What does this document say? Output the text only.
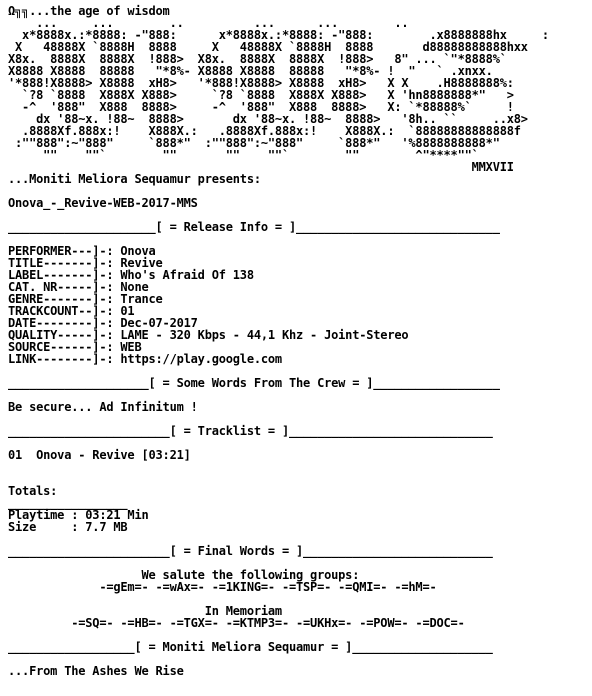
Ω╗╗...the age of wisdom
...     ...        ..          ...      ...        ..
x*8888x.:*8888: -"888:      x*8888x.:*8888: -"888:        .x8888888hx     :
X   48888X `8888H  8888     X   48888X `8888H  8888       d88888888888hxx
X8x.  8888X  8888X  !888>  X8x.  8888X  8888X  !888>   8" ... `"*8888%`
X8888 X8888  88888   "*8%- X8888 X8888  88888   "*8%- !  "   ` .xnxx.
'*888!X8888> X8888  xH8>   '*888!X8888> X8888  xH8>   X X    .H8888888%:
`?8 `8888  X888X X888>     `?8 `8888  X888X X888>   X 'hn8888888*"   >
-^  '888"  X888  8888>     -^  '888"  X888  8888>   X: `*88888%`     !
dx '88~x. !88~  8888>       dx '88~x. !88~  8888>   '8h.. ``     ..x8>
.8888Xf.888x:!    X888X.:   .8888Xf.888x:!    X888X.:  `88888888888888f
:""888":~"888"     `888*"  :""888":~"888"     `888*"   '%8888888888*"
""    ""`        ""       ""    ""`        ""        ^"****""`
MMXVII
...Moniti Meliora Sequamur presents:

Onova_-_Revive-WEB-2017-MMS

_____________________[ = Release Info = ]_____________________________

PERFORMER---]-: Onova
TITLE-------]-: Revive
LABEL-------]-: Who's Afraid Of 138
CAT. NR-----]-: None
GENRE-------]-: Trance
TRACKCOUNT--]-: 01
DATE--------]-: Dec-07-2017
QUALITY-----]-: LAME - 320 Kbps - 44,1 Khz - Joint-Stereo
SOURCE------]-: WEB
LINK--------]-: https://play.google.com

____________________[ = Some Words From The Crew = ]__________________

Be secure... Ad Infinitum !

_______________________[ = Tracklist = ]_____________________________

01  Onova - Revive [03:21]

Totals:
_________________
Playtime : 03:21 Min
Size     : 7.7 MB

_______________________[ = Final Words = ]___________________________

We salute the following groups:
-=gEm=- -=wAx=- -=1KING=- -=TSP=- -=QMI=- -=hM=-

In Memoriam
-=SQ=- -=HB=- -=TGX=- -=KTMP3=- -=UKHx=- -=POW=- -=DOC=-

__________________[ = Moniti Meliora Sequamur = ]____________________

...From The Ashes We Rise
